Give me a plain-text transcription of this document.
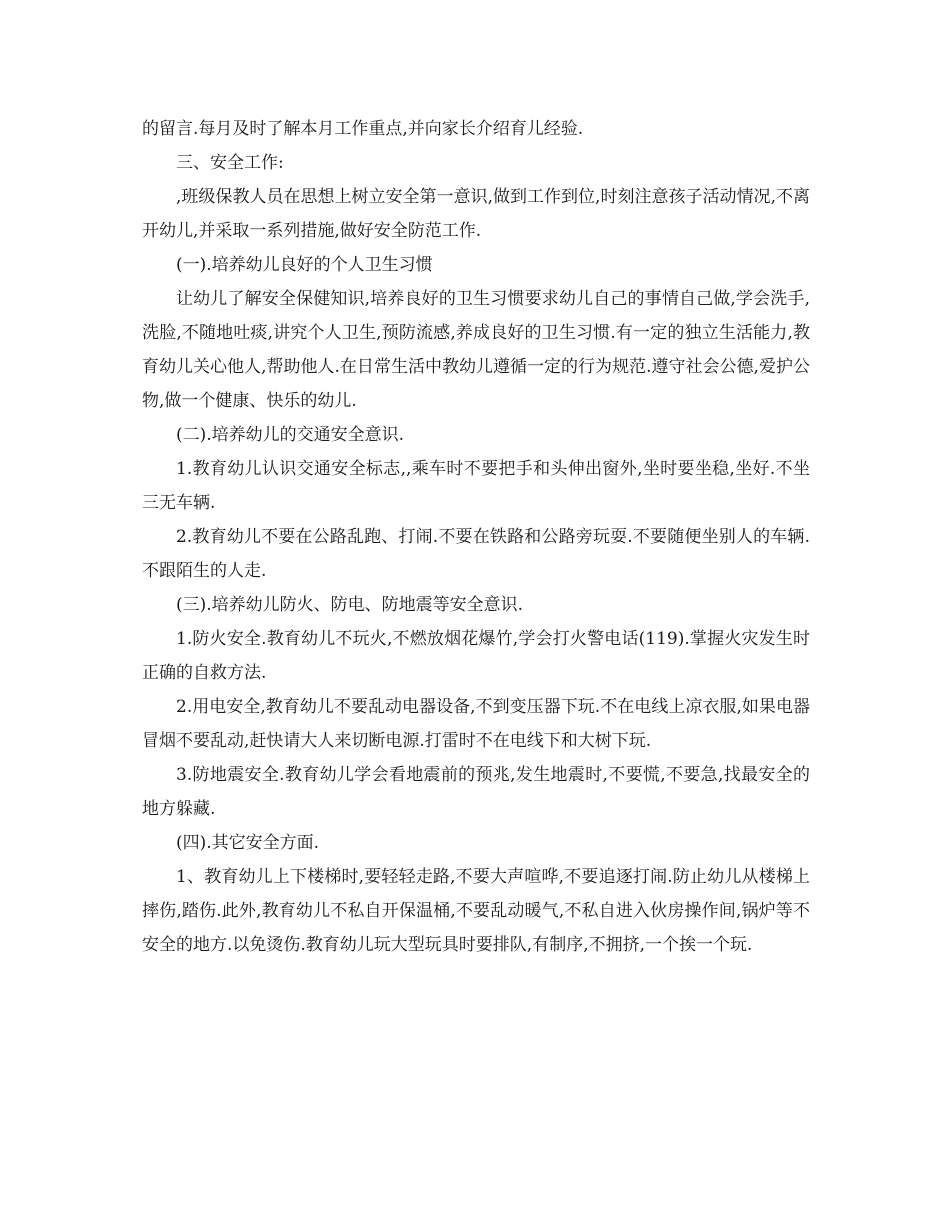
的留言.每月及时了解本月工作重点,并向家长介绍育儿经验.

三、安全工作:

,班级保教人员在思想上树立安全第一意识,做到工作到位,时刻注意孩子活动情况,不离开幼儿,并采取一系列措施,做好安全防范工作.

(一).培养幼儿良好的个人卫生习惯

让幼儿了解安全保健知识,培养良好的卫生习惯要求幼儿自己的事情自己做,学会洗手,洗脸,不随地吐痰,讲究个人卫生,预防流感,养成良好的卫生习惯.有一定的独立生活能力,教育幼儿关心他人,帮助他人.在日常生活中教幼儿遵循一定的行为规范.遵守社会公德,爱护公物,做一个健康、快乐的幼儿.

(二).培养幼儿的交通安全意识.

1.教育幼儿认识交通安全标志,,乘车时不要把手和头伸出窗外,坐时要坐稳,坐好.不坐三无车辆.

2.教育幼儿不要在公路乱跑、打闹.不要在铁路和公路旁玩耍.不要随便坐别人的车辆.不跟陌生的人走.

(三).培养幼儿防火、防电、防地震等安全意识.

1.防火安全.教育幼儿不玩火,不燃放烟花爆竹,学会打火警电话(119).掌握火灾发生时正确的自救方法.

2.用电安全,教育幼儿不要乱动电器设备,不到变压器下玩.不在电线上凉衣服,如果电器冒烟不要乱动,赶快请大人来切断电源.打雷时不在电线下和大树下玩.

3.防地震安全.教育幼儿学会看地震前的预兆,发生地震时,不要慌,不要急,找最安全的地方躲藏.

(四).其它安全方面.

1、教育幼儿上下楼梯时,要轻轻走路,不要大声喧哗,不要追逐打闹.防止幼儿从楼梯上摔伤,踏伤.此外,教育幼儿不私自开保温桶,不要乱动暖气,不私自进入伙房操作间,锅炉等不安全的地方.以免烫伤.教育幼儿玩大型玩具时要排队,有制序,不拥挤,一个挨一个玩.
